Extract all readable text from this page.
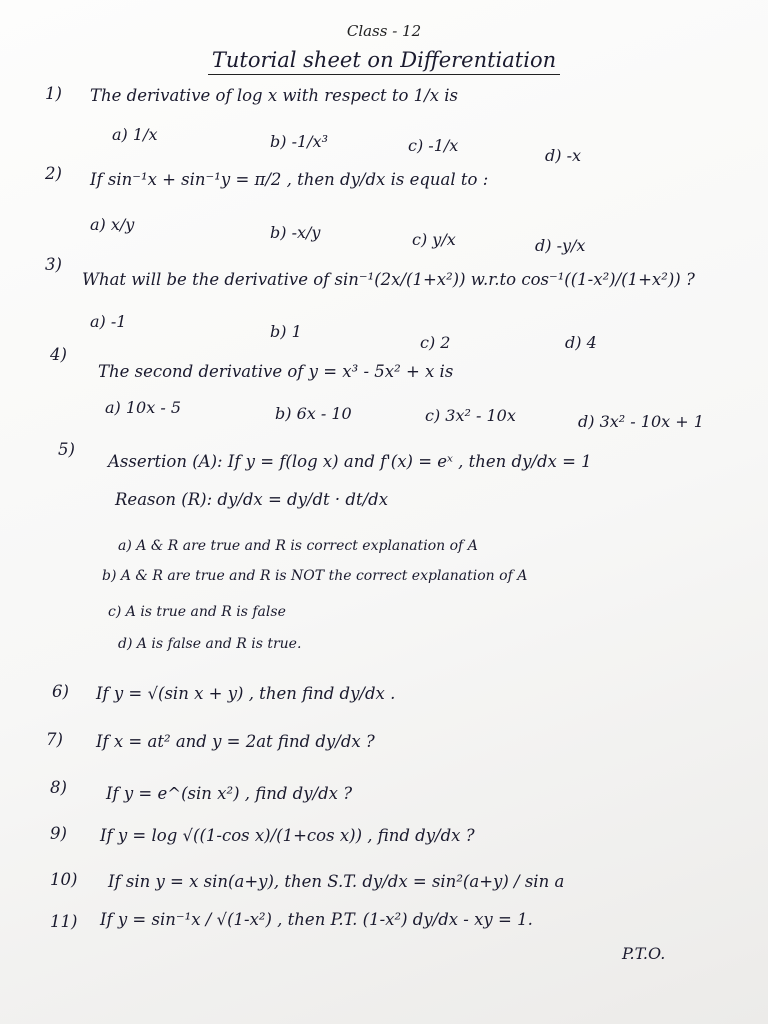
Class - 12
Tutorial sheet on Differentiation
1) The derivative of log x with respect to 1/x is
a) 1/x	b) -1/x³	c) -1/x
d) -x
2) If sin⁻¹x + sin⁻¹y = π/2 , then dy/dx is equal to :
a) x/y	b) -x/y	c) y/x	d) -y/x
3)
What will be the derivative of sin⁻¹(2x/(1+x²)) w.r.to cos⁻¹((1-x²)/(1+x²)) ?
a) -1
b) 1
c) 2	d) 4
4)
The second derivative of y = x³ - 5x² + x is
a) 10x - 5	b) 6x - 10	c) 3x² - 10x	d) 3x² - 10x + 1
5)
Assertion (A): If y = f(log x) and f'(x) = eˣ , then dy/dx = 1
Reason (R): dy/dx = dy/dt · dt/dx
a) A & R are true and R is correct explanation of A
b) A & R are true and R is NOT the correct explanation of A
c) A is true and R is false
d) A is false and R is true.
6) If y = √(sin x + y) , then find dy/dx .
7) If x = at² and y = 2at find dy/dx ?
8) If y = e^(sin x²) , find dy/dx ?
9) If y = log √((1-cos x)/(1+cos x)) , find dy/dx ?
10) If sin y = x sin(a+y), then S.T. dy/dx = sin²(a+y) / sin a
11) If y = sin⁻¹x / √(1-x²) , then P.T. (1-x²) dy/dx - xy = 1.
P.T.O.
